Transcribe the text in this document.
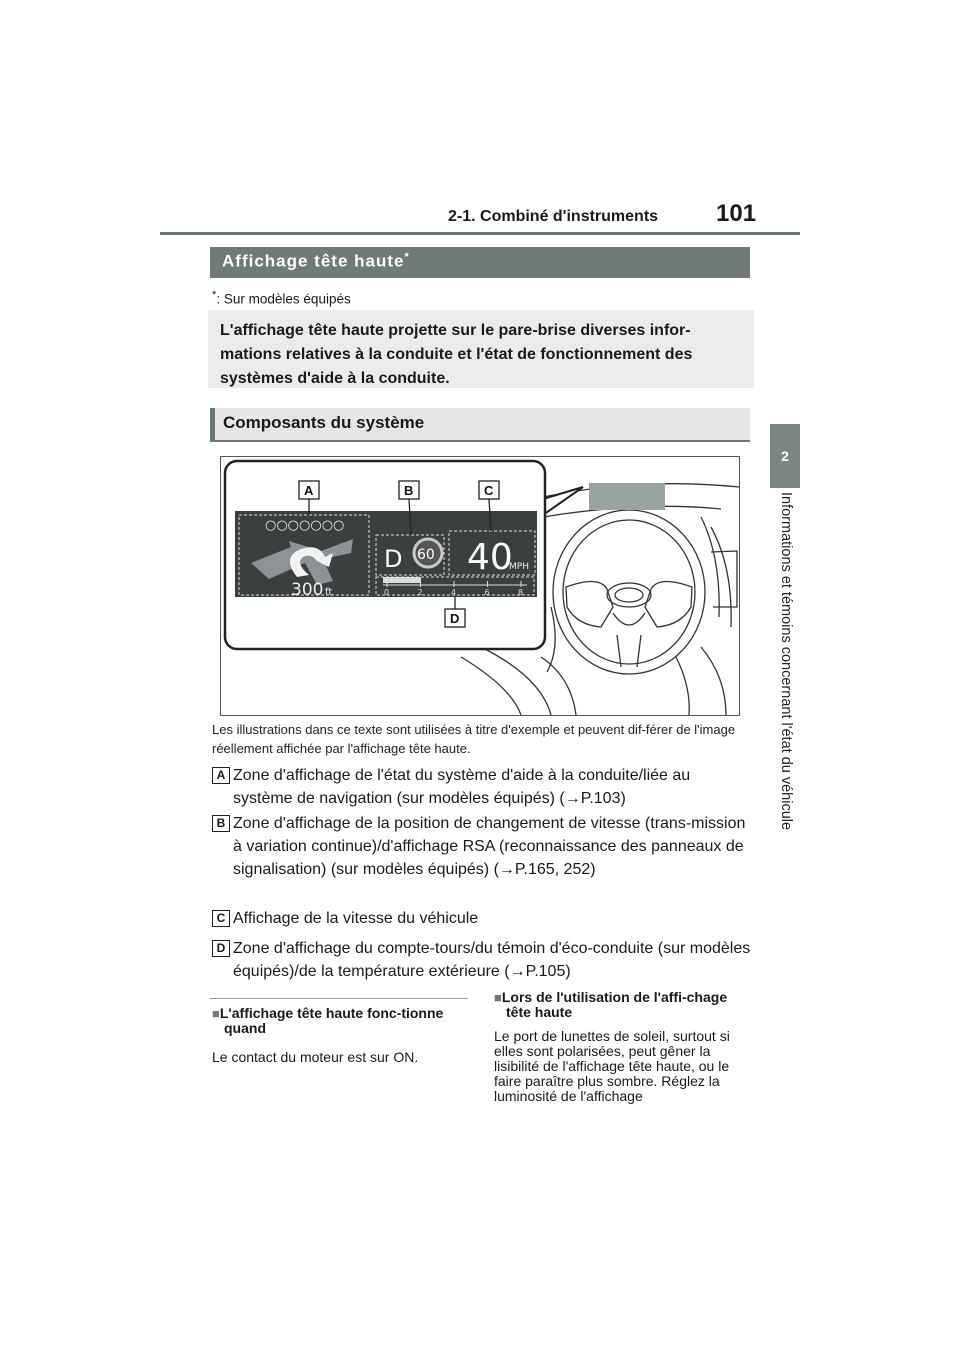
2-1. Combiné d'instruments 101
2
Informations et témoins concernant l'état du véhicule
Affichage tête haute*
*: Sur modèles équipés
L'affichage tête haute projette sur le pare-brise diverses infor-mations relatives à la conduite et l'état de fonctionnement des systèmes d'aide à la conduite.
Composants du système
○○○○○○○
300 ft
D 60 40
MPH
0	2	4	6	8
A	B	C
D
Les illustrations dans ce texte sont utilisées à titre d'exemple et peuvent dif-férer de l'image réellement affichée par l'affichage tête haute.
A Zone d'affichage de l'état du système d'aide à la conduite/liée au système de navigation (sur modèles équipés) (→P.103)
B Zone d'affichage de la position de changement de vitesse (trans-mission à variation continue)/d'affichage RSA (reconnaissance des panneaux de signalisation) (sur modèles équipés) (→P.165, 252)
C Affichage de la vitesse du véhicule
D Zone d'affichage du compte-tours/du témoin d'éco-conduite (sur modèles équipés)/de la température extérieure (→P.105)
■L'affichage tête haute fonc-tionne quand
Le contact du moteur est sur ON.
■Lors de l'utilisation de l'affi-chage tête haute
Le port de lunettes de soleil, surtout si elles sont polarisées, peut gêner la lisibilité de l'affichage tête haute, ou le faire paraître plus sombre. Réglez la luminosité de l'affichage
